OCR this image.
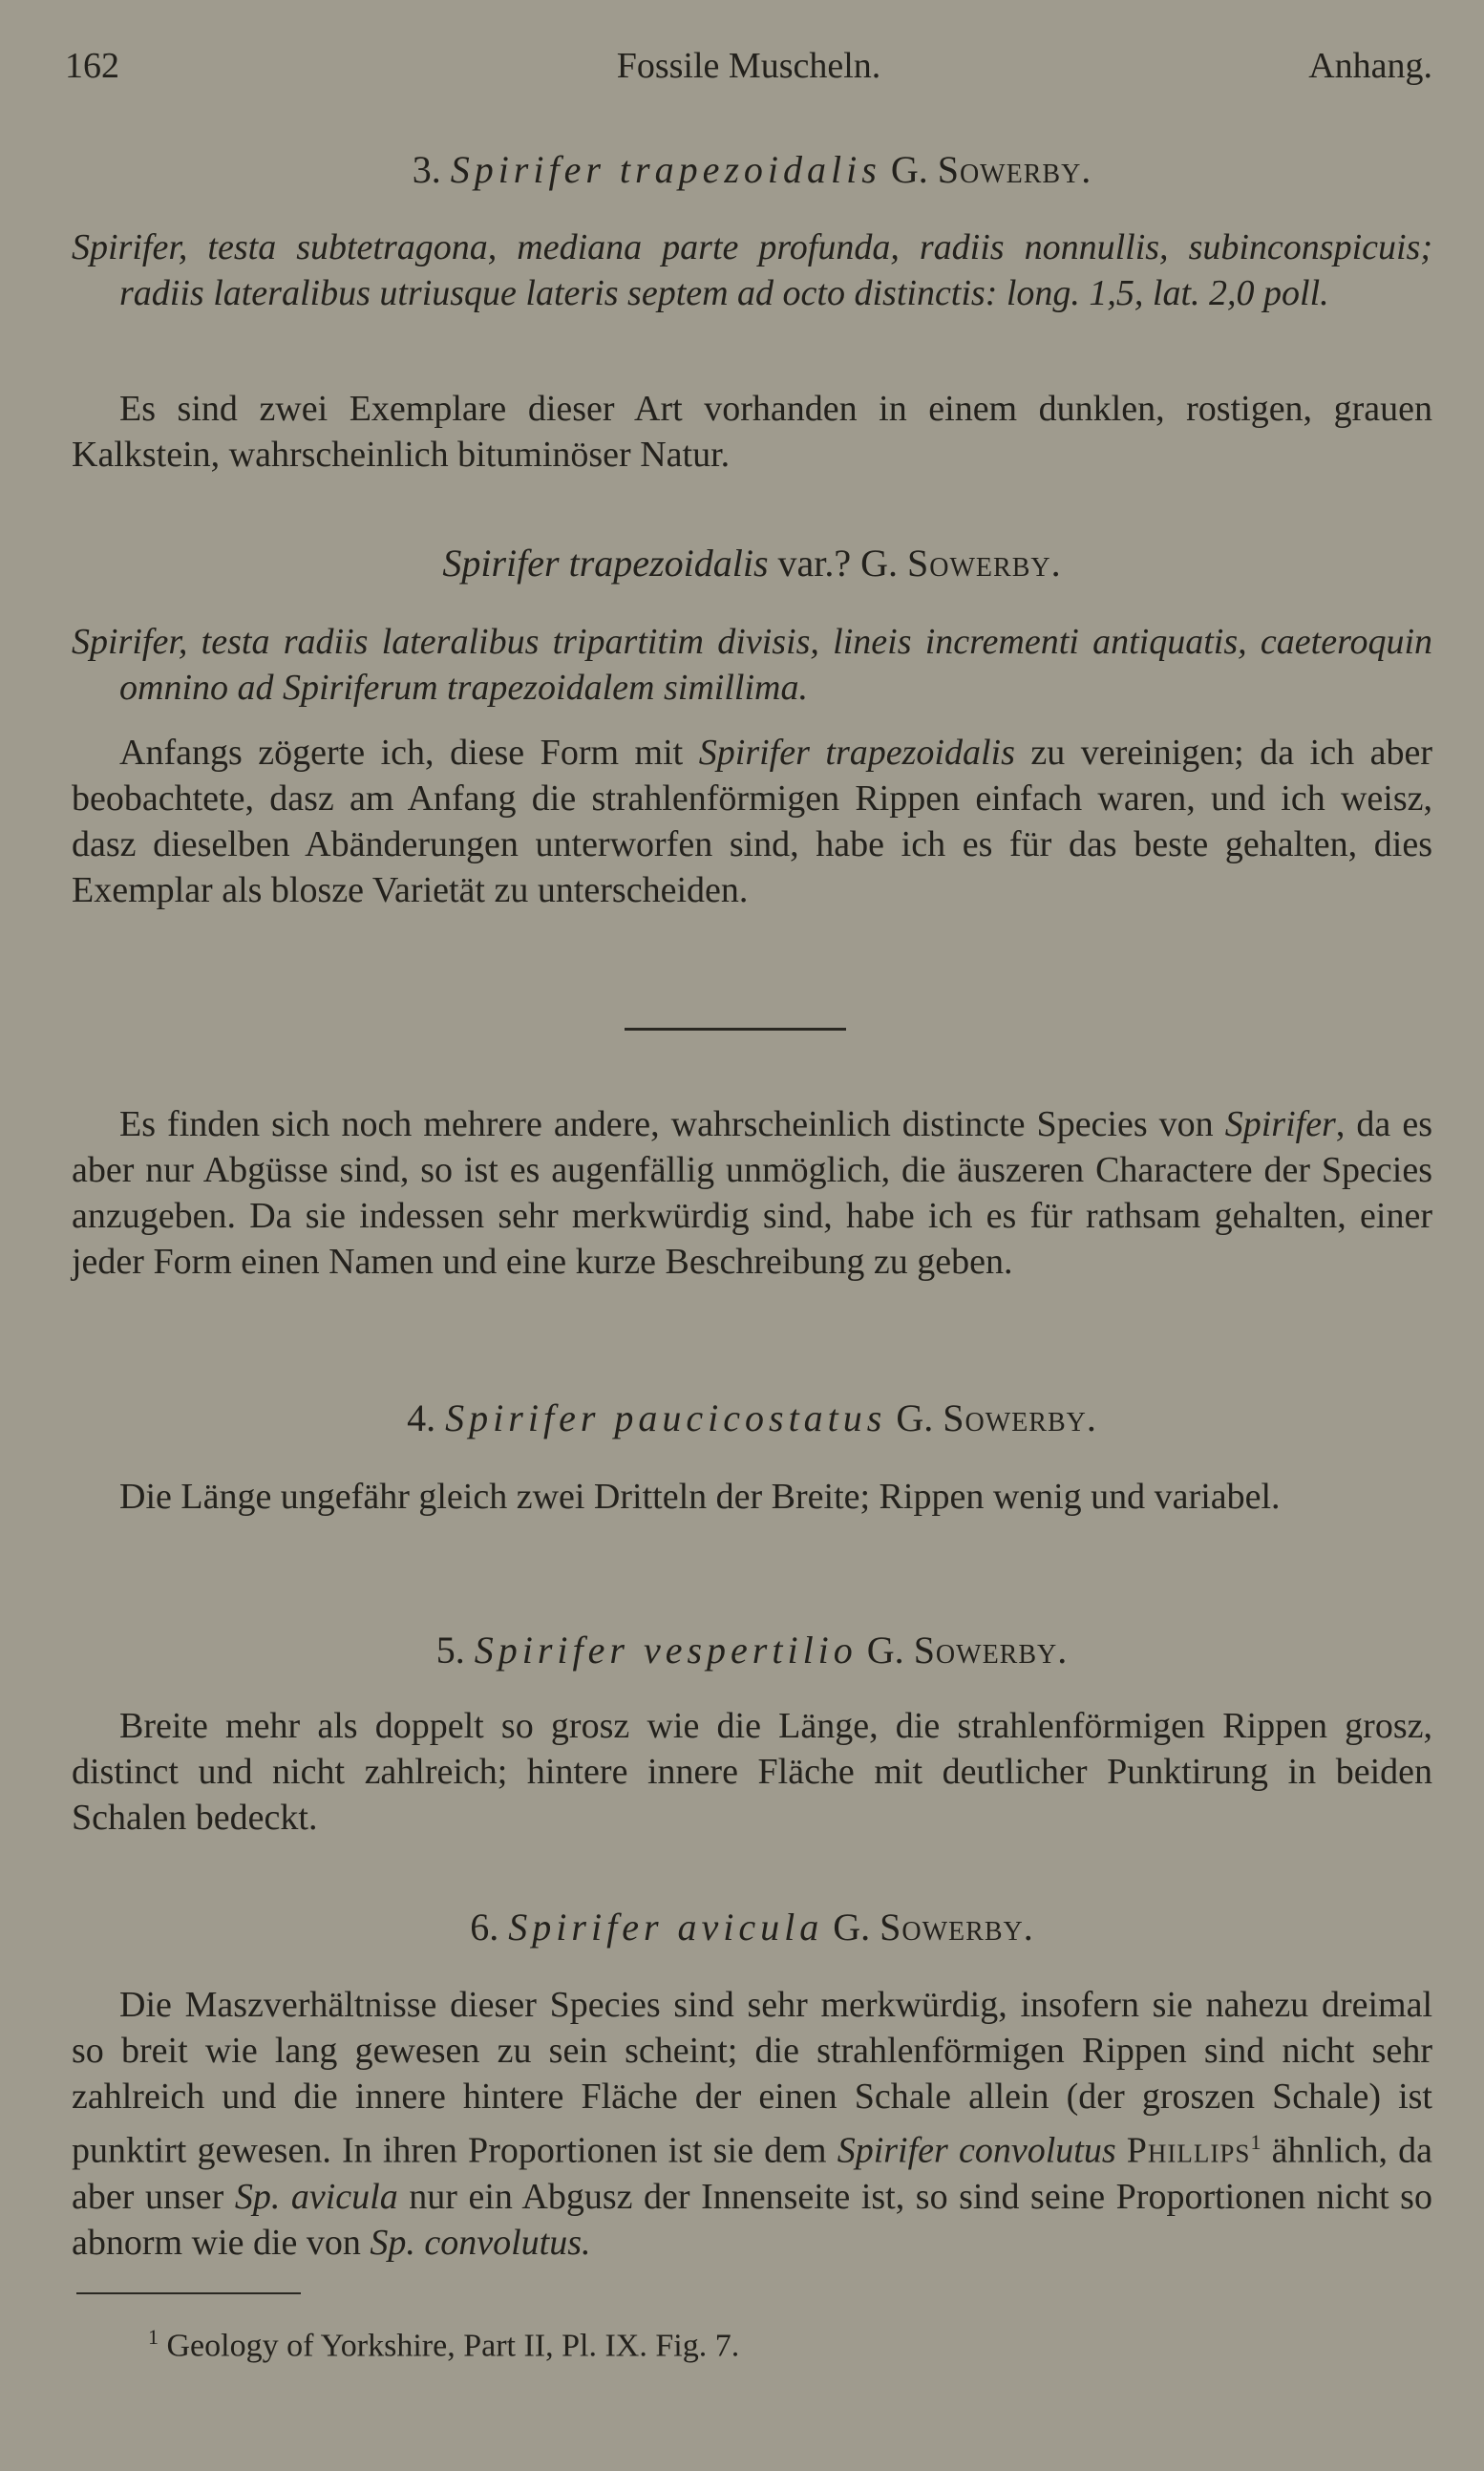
162	Fossile Muscheln.	Anhang.
3. Spirifer trapezoidalis G. Sowerby.

Spirifer, testa subtetragona, mediana parte profunda, radiis nonnullis, subinconspicuis; radiis lateralibus utriusque lateris septem ad octo distinctis: long. 1,5, lat. 2,0 poll.

Es sind zwei Exemplare dieser Art vorhanden in einem dunklen, rostigen, grauen Kalkstein, wahrscheinlich bituminöser Natur.

Spirifer trapezoidalis var.? G. Sowerby.

Spirifer, testa radiis lateralibus tripartitim divisis, lineis incrementi antiquatis, caeteroquin omnino ad Spiriferum trapezoidalem simillima.

Anfangs zögerte ich, diese Form mit Spirifer trapezoidalis zu vereinigen; da ich aber beobachtete, dasz am Anfang die strahlenförmigen Rippen einfach waren, und ich weisz, dasz dieselben Abänderungen unterworfen sind, habe ich es für das beste gehalten, dies Exemplar als blosze Varietät zu unterscheiden.

Es finden sich noch mehrere andere, wahrscheinlich distincte Species von Spirifer, da es aber nur Abgüsse sind, so ist es augenfällig unmöglich, die äuszeren Charactere der Species anzugeben. Da sie indessen sehr merkwürdig sind, habe ich es für rathsam gehalten, einer jeder Form einen Namen und eine kurze Beschreibung zu geben.

4. Spirifer paucicostatus G. Sowerby.

Die Länge ungefähr gleich zwei Dritteln der Breite; Rippen wenig und variabel.

5. Spirifer vespertilio G. Sowerby.

Breite mehr als doppelt so grosz wie die Länge, die strahlenförmigen Rippen grosz, distinct und nicht zahlreich; hintere innere Fläche mit deutlicher Punktirung in beiden Schalen bedeckt.

6. Spirifer avicula G. Sowerby.

Die Maszverhältnisse dieser Species sind sehr merkwürdig, insofern sie nahezu dreimal so breit wie lang gewesen zu sein scheint; die strahlenförmigen Rippen sind nicht sehr zahlreich und die innere hintere Fläche der einen Schale allein (der groszen Schale) ist punktirt gewesen. In ihren Proportionen ist sie dem Spirifer convolutus Phillips$^1$ ähnlich, da aber unser Sp. avicula nur ein Abgusz der Innenseite ist, so sind seine Proportionen nicht so abnorm wie die von Sp. convolutus.

$^1$ Geology of Yorkshire, Part II, Pl. IX. Fig. 7.
